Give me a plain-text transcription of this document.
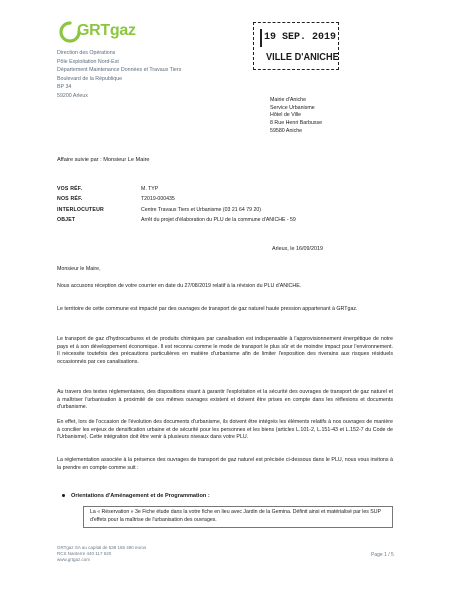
GRTgaz
Direction des Opérations
Pôle Exploitation Nord-Est
Département Maintenance Données et Travaux Tiers
Boulevard de la République
BP 34
59200 Arleux
19 SEP. 2019
VILLE D'ANICHE
Mairie d'Aniche
Service Urbanisme
Hôtel de Ville
8 Rue Henri Barbusse
59580 Aniche
Affaire suivie par : Monsieur Le Maire
VOS RÉF.	M. TYP
NOS RÉF.	T2019-000435
INTERLOCUTEUR	Centre Travaux Tiers et Urbanisme (03 21 64 79 20)
OBJET	Arrêt du projet d'élaboration du PLU de la commune d'ANICHE - 59
Arleux, le 16/09/2019

Monsieur le Maire,

Nous accusons réception de votre courrier en date du 27/08/2019 relatif à la révision du PLU d'ANICHE.

Le territoire de cette commune est impacté par des ouvrages de transport de gaz naturel haute pression appartenant à GRTgaz.

Le transport de gaz d'hydrocarbures et de produits chimiques par canalisation est indispensable à l'approvisionnement énergétique de notre pays et à son développement économique. Il est reconnu comme le mode de transport le plus sûr et de moindre impact pour l'environnement. Il nécessite toutefois des précautions particulières en matière d'urbanisme afin de limiter l'exposition des riverains aux risques résiduels occasionnés par ces canalisations.

Au travers des textes réglementaires, des dispositions visant à garantir l'exploitation et la sécurité des ouvrages de transport de gaz naturel et à maîtriser l'urbanisation à proximité de ces mêmes ouvrages existent et doivent être prises en compte dans les réflexions et documents d'urbanisme.

En effet, lors de l'occasion de l'évolution des documents d'urbanisme, ils doivent être intégrés les éléments relatifs à nos ouvrages de manière à concilier les enjeux de densification urbaine et de sécurité pour les personnes et les biens (articles L.101-2, L.151-43 et L.152-7 du Code de l'Urbanisme). Cette intégration doit être venir à plusieurs niveaux dans votre PLU.

La réglementation associée à la présence des ouvrages de transport de gaz naturel est précisée ci-dessous dans le PLU, nous vous invitons à la prendre en compte comme suit :

Orientations d'Aménagement et de Programmation :
La « Réservation » 3e Fiche étude dans la votre fiche en lieu avec Jardin de la Gemina. Définit ainsi et matérialisé par les SUP d'effets pour la maîtrise de l'urbanisation des ouvrages.
GRTgaz SA au capital de 538 165 490 euros
RCS Nanterre 440 117 620
www.grtgaz.com
Page 1 / 5
